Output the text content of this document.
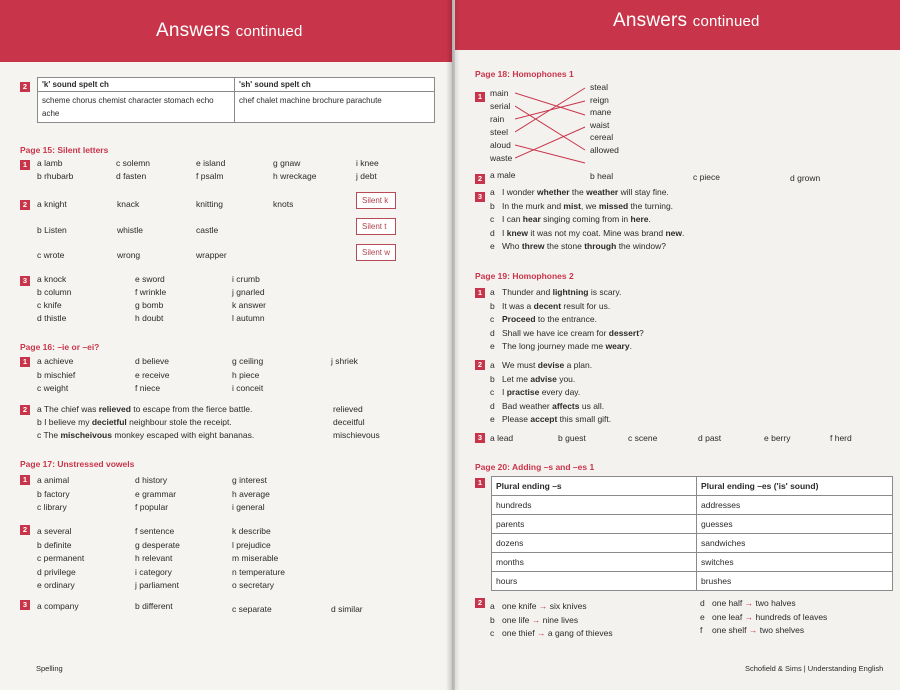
Answers continued
2	'k' sound spelt ch	'sh' sound spelt ch
scheme chorus chemist character stomach echo ache	chef chalet machine brochure parachute
Page 15: Silent letters
1	a lamb	c solemn	e island	g gnaw	i knee
b rhubarb	d fasten	f psalm	h wreckage	j debt
2	a knight	knack	knitting	knots
b Listen	whistle	castle
c wrote	wrong	wrapper
Silent k
Silent t
Silent w
3	a knock	e sword	i crumb
b column	f wrinkle	j gnarled
c knife	g bomb	k answer
d thistle	h doubt	l autumn
Page 16: –ie or –ei?
1	a achieve	d believe	g ceiling	j shriek
b mischief	e receive	h piece
c weight	f niece	i conceit
2	a The chief was relieved to escape from the fierce battle.	relieved
b I believe my decietful neighbour stole the receipt.	deceitful
c The mischeivous monkey escaped with eight bananas.	mischievous
Page 17: Unstressed vowels
1	a animal	d history	g interest
b factory	e grammar	h average
c library	f popular	i general
2	a several	f sentence	k describe
b definite	g desperate	l prejudice
c permanent	h relevant	m miserable
d privilege	i category	n temperature
e ordinary	j parliament	o secretary
3	a company	b different	c separate	d similar
Spelling
Answers continued
Page 18: Homophones 1
1 main
serial
rain
steel
aloud
waste
steal
reign
mane
waist
cereal
allowed
2 a male	b heal	c piece	d grown
3 a I wonder whether the weather will stay fine.
b In the murk and mist, we missed the turning.
c I can hear singing coming from in here.
d I knew it was not my coat. Mine was brand new.
e Who threw the stone through the window?
Page 19: Homophones 2
1 a Thunder and lightning is scary.
b It was a decent result for us.
c Proceed to the entrance.
d Shall we have ice cream for dessert?
e The long journey made me weary.
2 a We must devise a plan.
b Let me advise you.
c I practise every day.
d Bad weather affects us all.
e Please accept this small gift.
3 a lead	b guest	c scene	d past	e berry	f herd
Page 20: Adding –s and –es 1
1	Plural ending –s	Plural ending –es ('is' sound)
hundreds	addresses
parents	guesses
dozens	sandwiches
months	switches
hours	brushes
2 a one knife → six knives
b one life → nine lives
c one thief → a gang of thieves
d one half → two halves
e one leaf → hundreds of leaves
f one shelf → two shelves
Schofield & Sims | Understanding English
